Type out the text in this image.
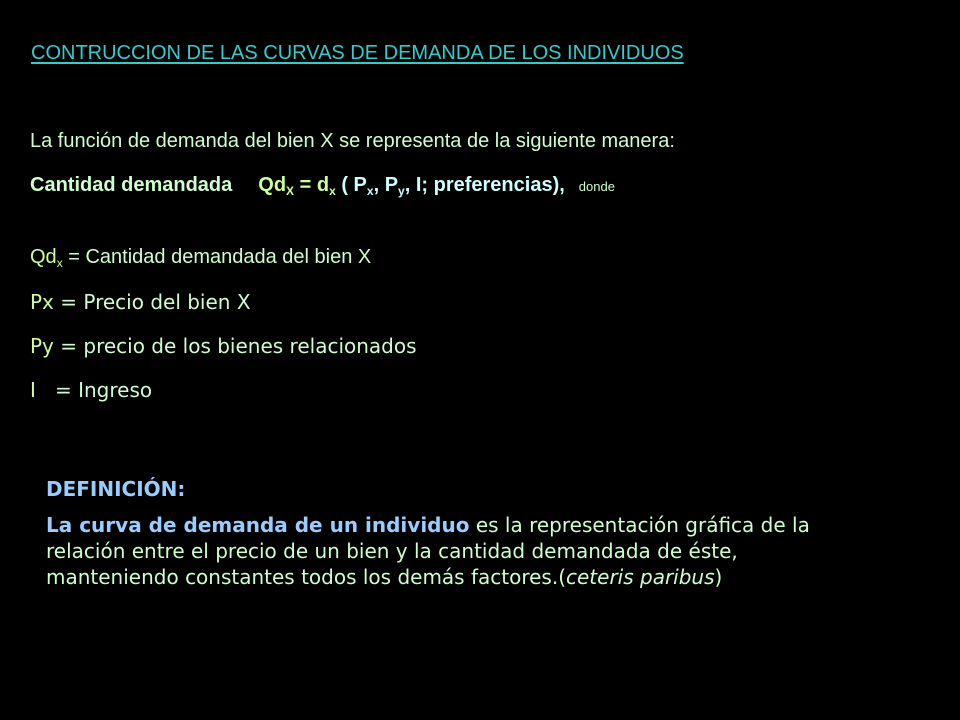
CONTRUCCION DE LAS CURVAS DE DEMANDA DE LOS INDIVIDUOS
La función de demanda del bien X se representa de la siguiente manera:
Cantidad demandada $Qd_X = d_x$ ( $P_x$, $P_y$, I; preferencias), donde
$Qd_x$ = Cantidad demandada del bien X
Px = Precio del bien X
Py = precio de los bienes relacionados
I   = Ingreso
DEFINICIÓN:
La curva de demanda de un individuo es la representación gráfica de la relación entre el precio de un bien y la cantidad demandada de éste, manteniendo constantes todos los demás factores.(ceteris paribus)
